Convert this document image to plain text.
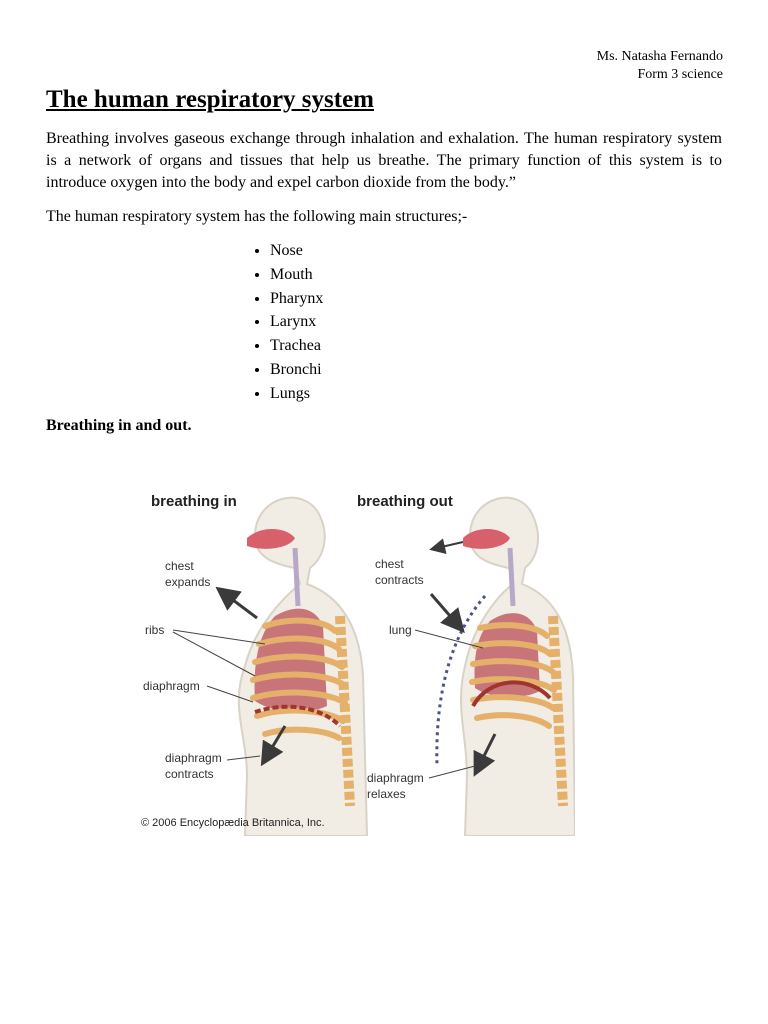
Ms. Natasha Fernando
Form 3 science
The human respiratory system

Breathing involves gaseous exchange through inhalation and exhalation. The human respiratory system is a network of organs and tissues that help us breathe. The primary function of this system is to introduce oxygen into the body and expel carbon dioxide from the body.”

The human respiratory system has the following main structures;-

• Nose
• Mouth
• Pharynx
• Larynx
• Trachea
• Bronchi
• Lungs

Breathing in and out.

breathing in
chest
expands
ribs
diaphragm
diaphragm
contracts
breathing out
chest
contracts
lung
diaphragm
relaxes
© 2006 Encyclopædia Britannica, Inc.
